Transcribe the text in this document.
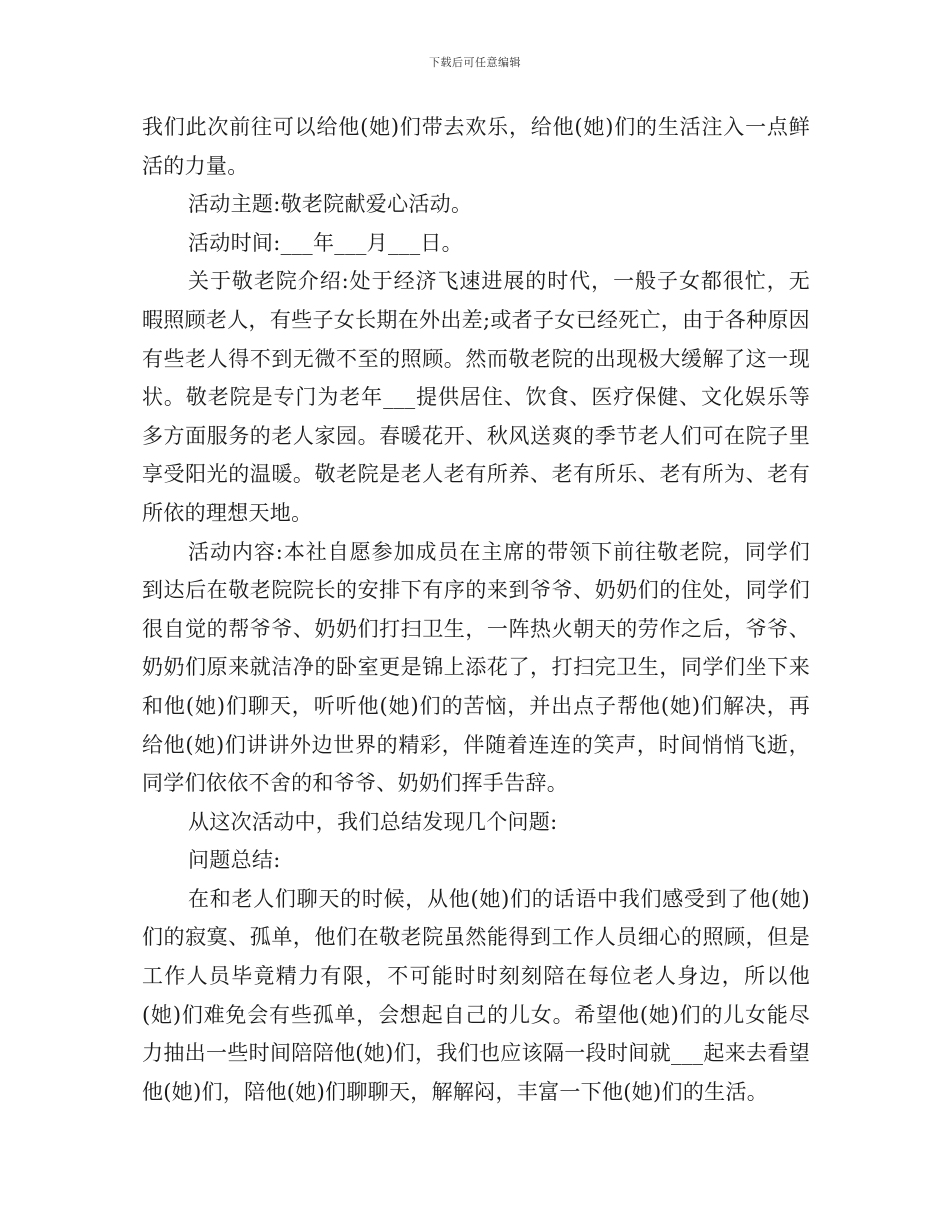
下载后可任意编辑

我们此次前往可以给他(她)们带去欢乐，给他(她)们的生活注入一点鲜活的力量。

活动主题:敬老院献爱心活动。

活动时间:___年___月___日。

关于敬老院介绍:处于经济飞速进展的时代，一般子女都很忙，无暇照顾老人，有些子女长期在外出差;或者子女已经死亡，由于各种原因有些老人得不到无微不至的照顾。然而敬老院的出现极大缓解了这一现状。敬老院是专门为老年___提供居住、饮食、医疗保健、文化娱乐等多方面服务的老人家园。春暖花开、秋风送爽的季节老人们可在院子里享受阳光的温暖。敬老院是老人老有所养、老有所乐、老有所为、老有所依的理想天地。

活动内容:本社自愿参加成员在主席的带领下前往敬老院，同学们到达后在敬老院院长的安排下有序的来到爷爷、奶奶们的住处，同学们很自觉的帮爷爷、奶奶们打扫卫生，一阵热火朝天的劳作之后，爷爷、奶奶们原来就洁净的卧室更是锦上添花了，打扫完卫生，同学们坐下来和他(她)们聊天，听听他(她)们的苦恼，并出点子帮他(她)们解决，再给他(她)们讲讲外边世界的精彩，伴随着连连的笑声，时间悄悄飞逝，同学们依依不舍的和爷爷、奶奶们挥手告辞。

从这次活动中，我们总结发现几个问题:

问题总结:

在和老人们聊天的时候，从他(她)们的话语中我们感受到了他(她)们的寂寞、孤单，他们在敬老院虽然能得到工作人员细心的照顾，但是工作人员毕竟精力有限，不可能时时刻刻陪在每位老人身边，所以他(她)们难免会有些孤单，会想起自己的儿女。希望他(她)们的儿女能尽力抽出一些时间陪陪他(她)们，我们也应该隔一段时间就___起来去看望他(她)们，陪他(她)们聊聊天，解解闷，丰富一下他(她)们的生活。
